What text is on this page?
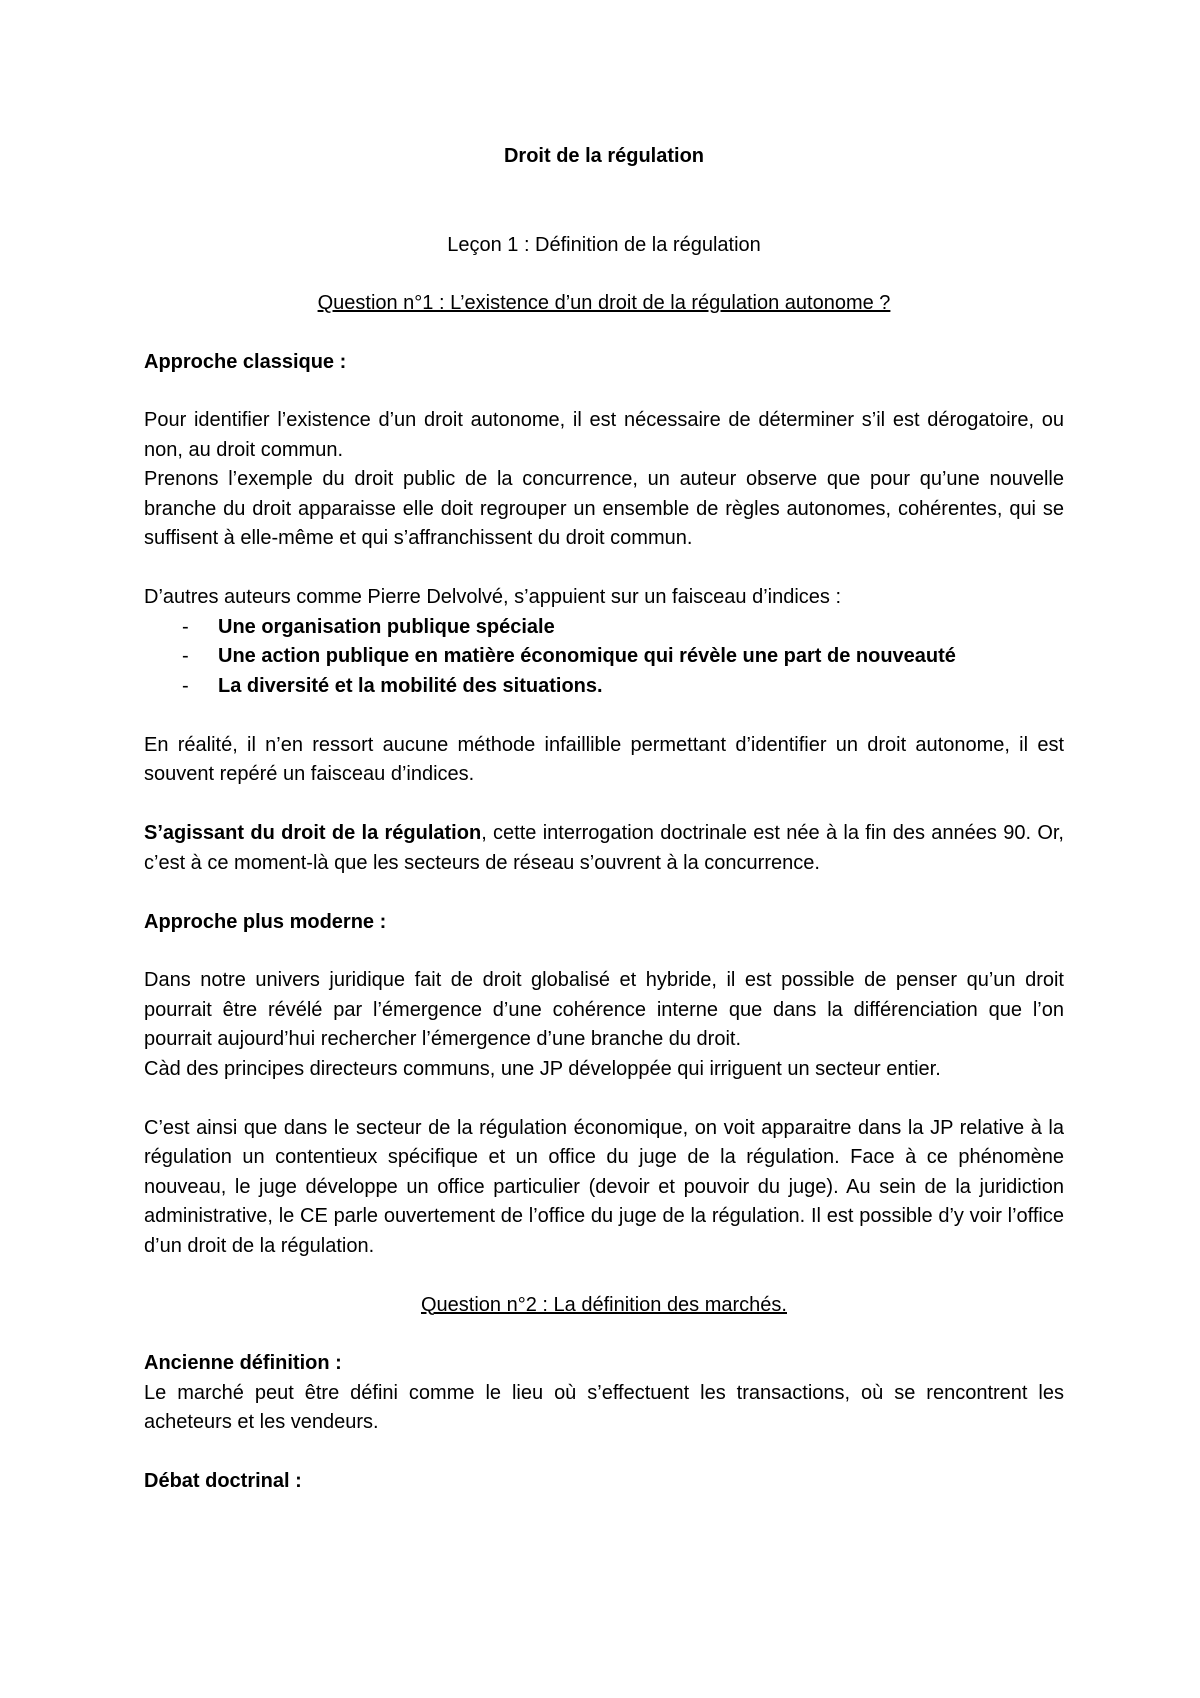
Droit de la régulation

Leçon 1 : Définition de la régulation

Question n°1 : L’existence d’un droit de la régulation autonome ?

Approche classique :

Pour identifier l’existence d’un droit autonome, il est nécessaire de déterminer s’il est dérogatoire, ou non, au droit commun.

Prenons l’exemple du droit public de la concurrence, un auteur observe que pour qu’une nouvelle branche du droit apparaisse elle doit regrouper un ensemble de règles autonomes, cohérentes, qui se suffisent à elle-même et qui s’affranchissent du droit commun.

D’autres auteurs comme Pierre Delvolvé, s’appuient sur un faisceau d’indices :

- Une organisation publique spéciale
- Une action publique en matière économique qui révèle une part de nouveauté
- La diversité et la mobilité des situations.

En réalité, il n’en ressort aucune méthode infaillible permettant d’identifier un droit autonome, il est souvent repéré un faisceau d’indices.

S’agissant du droit de la régulation, cette interrogation doctrinale est née à la fin des années 90. Or, c’est à ce moment-là que les secteurs de réseau s’ouvrent à la concurrence.

Approche plus moderne :

Dans notre univers juridique fait de droit globalisé et hybride, il est possible de penser qu’un droit pourrait être révélé par l’émergence d’une cohérence interne que dans la différenciation que l’on pourrait aujourd’hui rechercher l’émergence d’une branche du droit.

Càd des principes directeurs communs, une JP développée qui irriguent un secteur entier.

C’est ainsi que dans le secteur de la régulation économique, on voit apparaitre dans la JP relative à la régulation un contentieux spécifique et un office du juge de la régulation. Face à ce phénomène nouveau, le juge développe un office particulier (devoir et pouvoir du juge). Au sein de la juridiction administrative, le CE parle ouvertement de l’office du juge de la régulation. Il est possible d’y voir l’office d’un droit de la régulation.

Question n°2 : La définition des marchés.

Ancienne définition :

Le marché peut être défini comme le lieu où s’effectuent les transactions, où se rencontrent les acheteurs et les vendeurs.

Débat doctrinal :
